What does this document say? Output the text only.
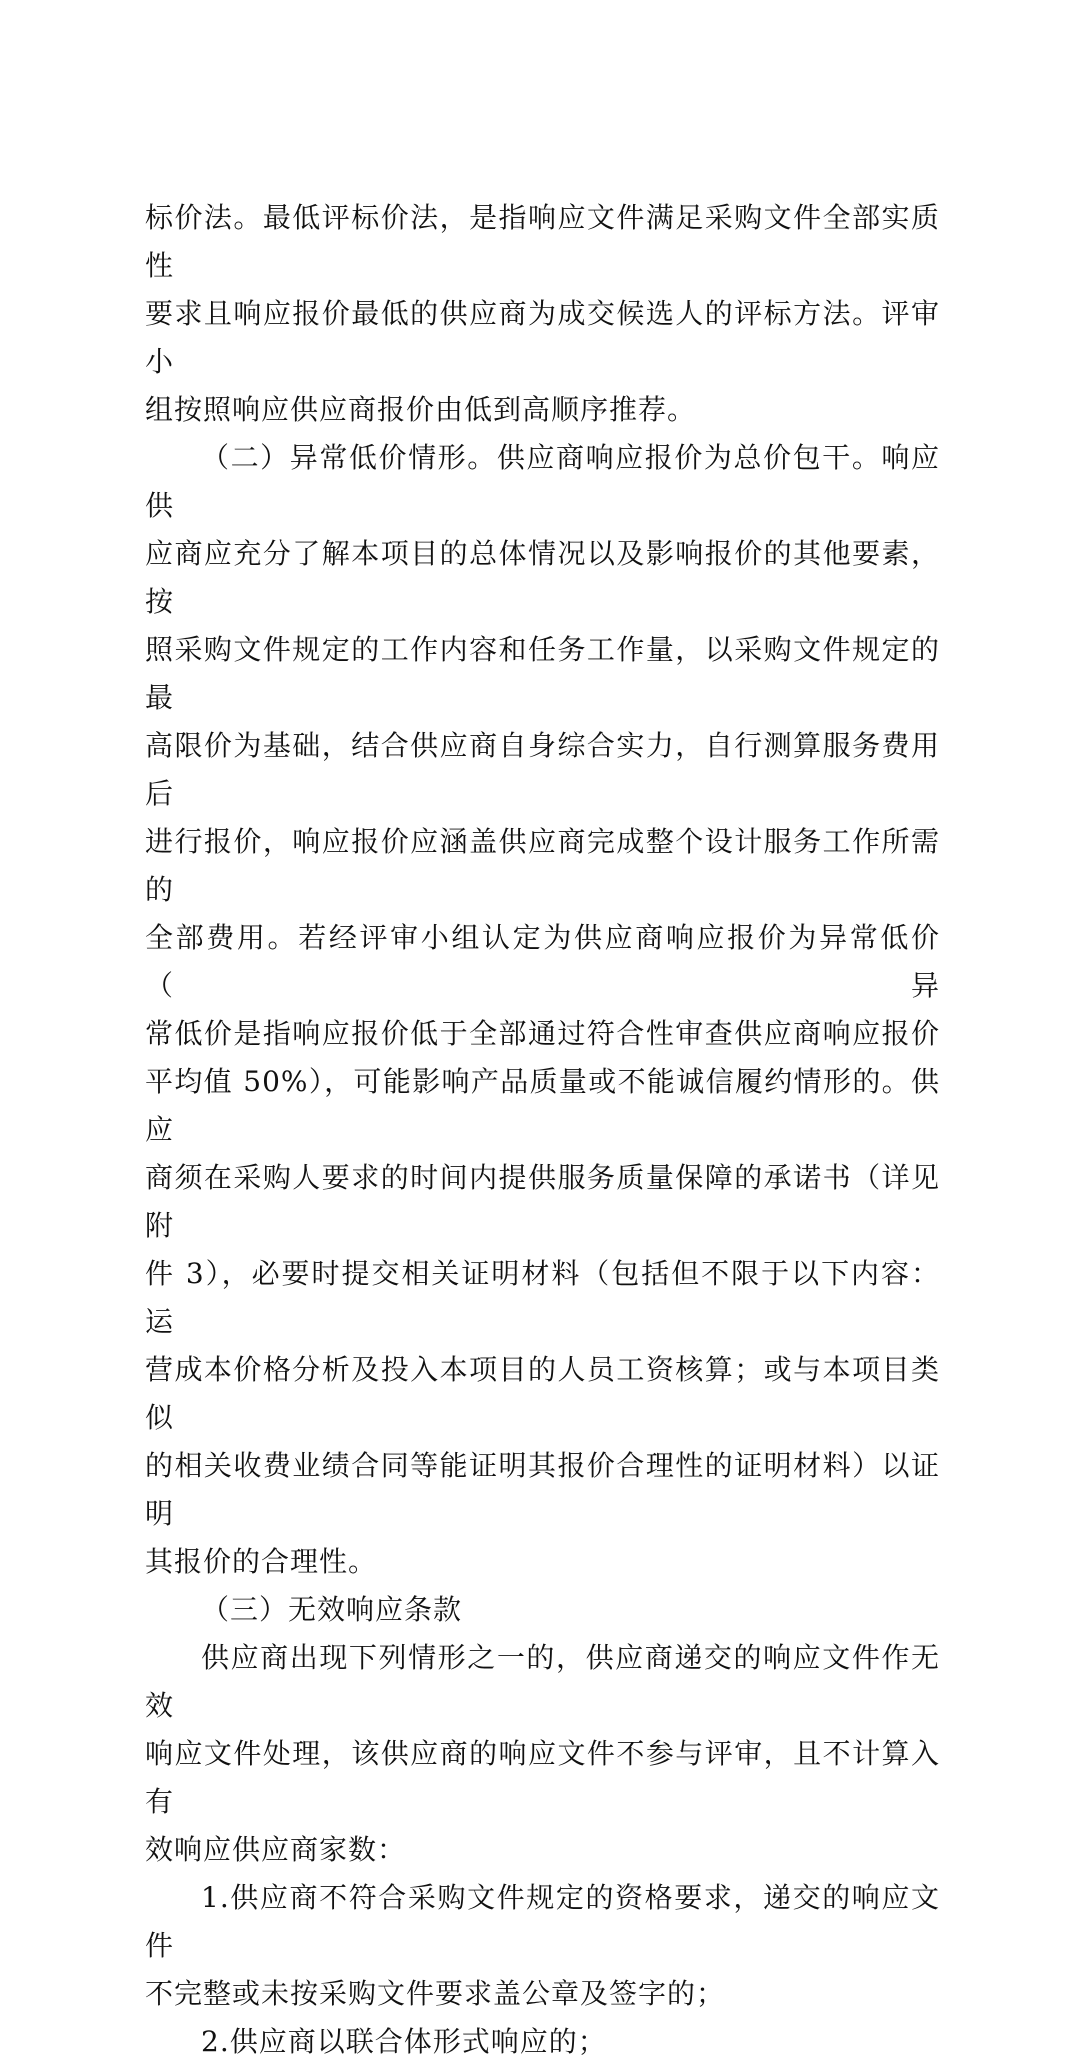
标价法。最低评标价法，是指响应文件满足采购文件全部实质性
要求且响应报价最低的供应商为成交候选人的评标方法。评审小
组按照响应供应商报价由低到高顺序推荐。

（二）异常低价情形。供应商响应报价为总价包干。响应供
应商应充分了解本项目的总体情况以及影响报价的其他要素，按
照采购文件规定的工作内容和任务工作量，以采购文件规定的最
高限价为基础，结合供应商自身综合实力，自行测算服务费用后
进行报价，响应报价应涵盖供应商完成整个设计服务工作所需的
全部费用。若经评审小组认定为供应商响应报价为异常低价（异
常低价是指响应报价低于全部通过符合性审查供应商响应报价
平均值 50%），可能影响产品质量或不能诚信履约情形的。供应
商须在采购人要求的时间内提供服务质量保障的承诺书（详见附
件 3），必要时提交相关证明材料（包括但不限于以下内容：运
营成本价格分析及投入本项目的人员工资核算；或与本项目类似
的相关收费业绩合同等能证明其报价合理性的证明材料）以证明
其报价的合理性。

（三）无效响应条款

供应商出现下列情形之一的，供应商递交的响应文件作无效
响应文件处理，该供应商的响应文件不参与评审，且不计算入有
效响应供应商家数：

1.供应商不符合采购文件规定的资格要求，递交的响应文件
不完整或未按采购文件要求盖公章及签字的；

2.供应商以联合体形式响应的；
